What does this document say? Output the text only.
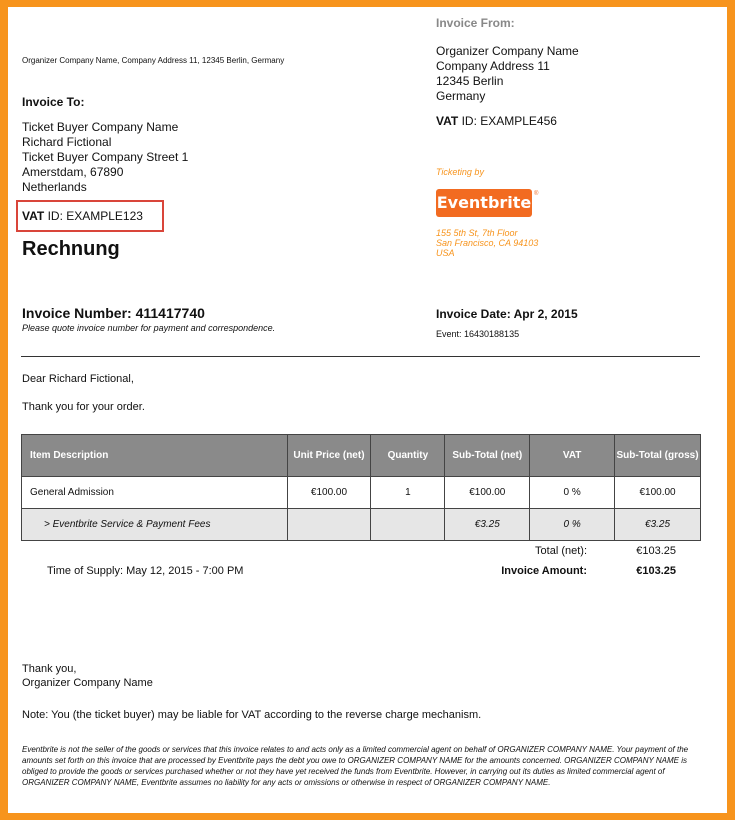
Organizer Company Name, Company Address 11, 12345 Berlin, Germany
Invoice To:
Ticket Buyer Company Name
Richard Fictional
Ticket Buyer Company Street 1
Amerstdam, 67890
Netherlands
VAT ID: EXAMPLE123
Rechnung
Invoice From:
Organizer Company Name
Company Address 11
12345 Berlin
Germany
VAT ID: EXAMPLE456
Ticketing by
Eventbrite ®
155 5th St, 7th Floor
San Francisco, CA 94103
USA
Invoice Number: 411417740
Please quote invoice number for payment and correspondence.
Invoice Date: Apr 2, 2015
Event: 16430188135
Dear Richard Fictional,
Thank you for your order.
Item Description	Unit Price (net)	Quantity	Sub-Total (net)	VAT	Sub-Total (gross)
General Admission	€100.00	1	€100.00	0 %	€100.00
> Eventbrite Service & Payment Fees			€3.25	0 %	€3.25
Total (net):	€103.25
Invoice Amount:	€103.25
Time of Supply: May 12, 2015 - 7:00 PM
Thank you,
Organizer Company Name
Note: You (the ticket buyer) may be liable for VAT according to the reverse charge mechanism.
Eventbrite is not the seller of the goods or services that this invoice relates to and acts only as a limited commercial agent on behalf of ORGANIZER COMPANY NAME. Your payment of the amounts set forth on this invoice that are processed by Eventbrite pays the debt you owe to ORGANIZER COMPANY NAME for the amounts concerned. ORGANIZER COMPANY NAME is obliged to provide the goods or services purchased whether or not they have yet received the funds from Eventbrite. However, in carrying out its duties as limited commercial agent of ORGANIZER COMPANY NAME, Eventbrite assumes no liability for any acts or omissions or otherwise in respect of ORGANIZER COMPANY NAME.
